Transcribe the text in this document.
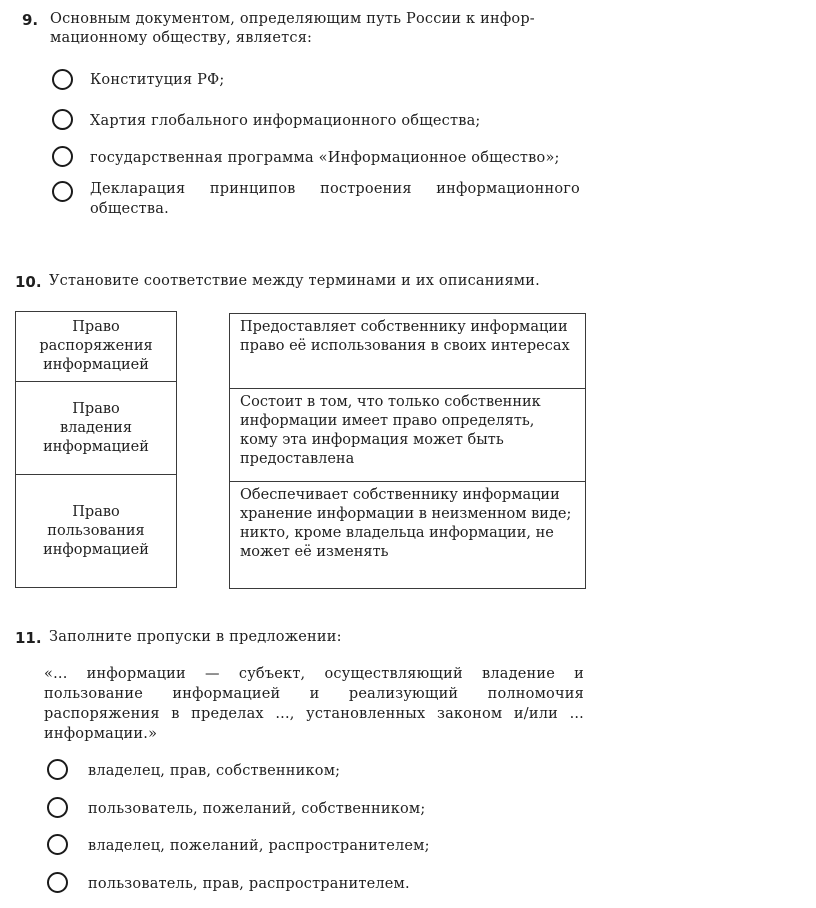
9. Основным документом, определяющим путь России к инфор-
мационному обществу, является:
Конституция РФ;
Хартия глобального информационного общества;
государственная программа «Информационное общество»;
Декларация принципов построения информационного общества.
10. Установите соответствие между терминами и их описаниями.
Право распоряжения информацией
Право владения информацией
Право пользования информацией
Предоставляет собственнику информации право её использования в своих интересах
Состоит в том, что только собственник информации имеет право определять, кому эта информация может быть предоставлена
Обеспечивает собственнику информации хранение информации в неизменном виде; никто, кроме владельца информации, не может её изменять
11. Заполните пропуски в предложении:
«... информации — субъект, осуществляющий владение и пользование информацией и реализующий полномочия распоряжения в пределах ..., установленных законом и/или ... информации.»
владелец, прав, собственником;
пользователь, пожеланий, собственником;
владелец, пожеланий, распространителем;
пользователь, прав, распространителем.
